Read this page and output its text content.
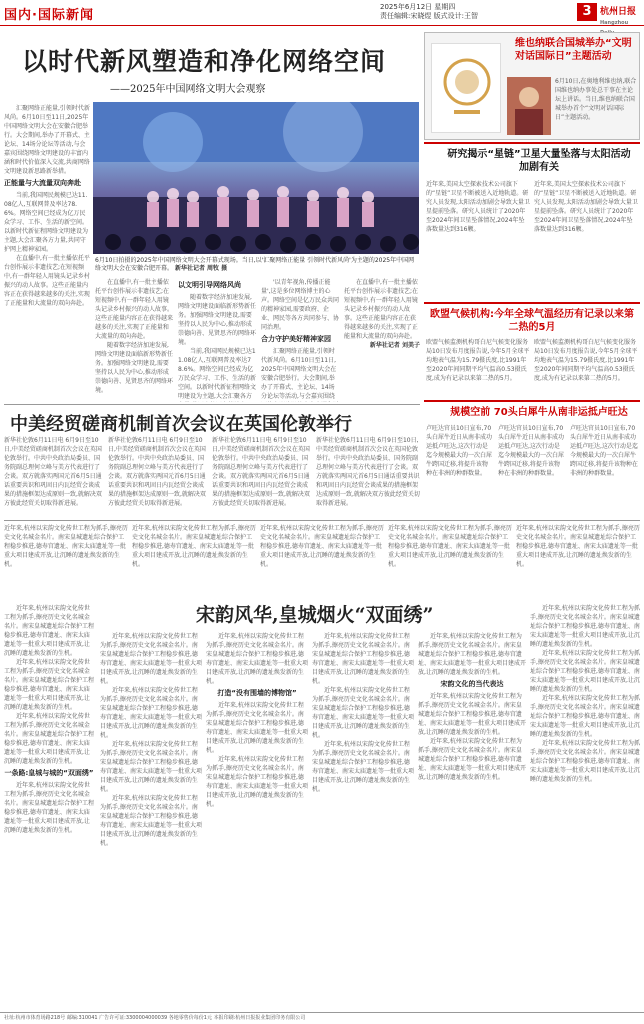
国内·国际新闻
2025年6月12日 星期四
责任编辑:宋晓煜 版式设计:王智	3 杭州日报
Hangzhou
以时代新风塑造和净化网络空间
——2025年中国网络文明大会观察

汇聚网络正能量,引领时代新风尚。6月10日至11日,2025年中国网络文明大会在安徽合肥举行。大会期间,举办了开幕式、主论坛、14场分论坛等活动,与会嘉宾围绕网络文明建设的丰富内涵和时代价值深入交流,共商网络文明建设新思路新举措。

正能量与大流量双向奔赴

当前,我国网民规模已达11.08亿人,互联网普及率达78.6%。网络空间已经成为亿万民众学习、工作、生活的新空间。以新时代新征程网络文明建设为主题,大会汇聚各方力量,共同守护网上精神家园。

在直播中,有一批主播依托平台创作展示非遗技艺;在短视频中,有一群年轻人用镜头记录乡村振兴的动人故事。这些正能量内容正在获得越来越多的关注,实现了正能量和大流量的双向奔赴。

6月10日拍摄的2025年中国网络文明大会开幕式现场。当日,以'汇聚网络正能量 引领时代新风尚'为主题的2025年中国网络文明大会在安徽合肥开幕。 新华社记者 周牧 摄

在直播中,有一批主播依托平台创作展示非遗技艺;在短视频中,有一群年轻人用镜头记录乡村振兴的动人故事。这些正能量内容正在获得越来越多的关注,实现了正能量和大流量的双向奔赴。

随着数字经济加速发展,网络文明建设面临新形势新任务。加强网络文明建设,需要坚持以人民为中心,推动形成崇德向善、见贤思齐的网络环境。

以文明引导网络风尚

随着数字经济加速发展,网络文明建设面临新形势新任务。加强网络文明建设,需要坚持以人民为中心,推动形成崇德向善、见贤思齐的网络环境。

当前,我国网民规模已达11.08亿人,互联网普及率达78.6%。网络空间已经成为亿万民众学习、工作、生活的新空间。以新时代新征程网络文明建设为主题,大会汇聚各方

'以青年视角,传播正能量',这是多位网络博主的心声。网络空间是亿万民众共同的精神家园,需要政府、企业、网民等各方共同参与、协同治理。

合力守护美好精神家园

汇聚网络正能量,引领时代新风尚。6月10日至11日,2025年中国网络文明大会在安徽合肥举行。大会期间,举办了开幕式、主论坛、14场分论坛等活动,与会嘉宾围绕

在直播中,有一批主播依托平台创作展示非遗技艺;在短视频中,有一群年轻人用镜头记录乡村振兴的动人故事。这些正能量内容正在获得越来越多的关注,实现了正能量和大流量的双向奔赴。

新华社记者 刘美子

维也纳联合国城举办“文明对话国际日”主题活动
6月10日,在奥地利维也纳,联合国维也纳办事处总干事在主论坛上讲话。当日,维也纳联合国城举办首个“文明对话国际日”主题活动。
研究揭示“星链”卫星大量坠落与太阳活动加剧有关
近年来,美国太空探索技术公司旗下的“星链”卫星不断被送入近地轨道。研究人员发现,太阳活动加剧会导致大量卫星提前坠落。研究人员统计了2020年至2024年间卫星坠落情况,2024年坠落数量达到316颗。
近年来,美国太空探索技术公司旗下的“星链”卫星不断被送入近地轨道。研究人员发现,太阳活动加剧会导致大量卫星提前坠落。研究人员统计了2020年至2024年间卫星坠落情况,2024年坠落数量达到316颗。
欧盟气候机构:今年全球气温经历有记录以来第二热的5月
欧盟气候监测机构哥白尼气候变化服务局10日发布月度报告说,今年5月全球平均地表气温为15.79摄氏度,比1991年至2020年间同期平均气温高0.53摄氏度,成为有记录以来第二热的5月。
欧盟气候监测机构哥白尼气候变化服务局10日发布月度报告说,今年5月全球平均地表气温为15.79摄氏度,比1991年至2020年间同期平均气温高0.53摄氏度,成为有记录以来第二热的5月。
规模空前 70头白犀牛从南非运抵卢旺达
卢旺达官员10日宣布,70头白犀牛近日从南非成功运抵卢旺达,这次行动是迄今规模最大的一次白犀牛跨国迁移,将提升该物种在非洲的种群数量。
卢旺达官员10日宣布,70头白犀牛近日从南非成功运抵卢旺达,这次行动是迄今规模最大的一次白犀牛跨国迁移,将提升该物种在非洲的种群数量。
卢旺达官员10日宣布,70头白犀牛近日从南非成功运抵卢旺达,这次行动是迄今规模最大的一次白犀牛跨国迁移,将提升该物种在非洲的种群数量。
中美经贸磋商机制首次会议在英国伦敦举行
新华社伦敦6月11日电 6月9日至10日,中美经贸磋商机制首次会议在英国伦敦举行。中共中央政治局委员、国务院副总理何立峰与美方代表进行了会谈。双方就落实两国元首6月5日通话重要共识和巩固日内瓦经贸会谈成果的措施框架达成原则一致,就解决双方彼此经贸关切取得新进展。
新华社伦敦6月11日电 6月9日至10日,中美经贸磋商机制首次会议在英国伦敦举行。中共中央政治局委员、国务院副总理何立峰与美方代表进行了会谈。双方就落实两国元首6月5日通话重要共识和巩固日内瓦经贸会谈成果的措施框架达成原则一致,就解决双方彼此经贸关切取得新进展。
新华社伦敦6月11日电 6月9日至10日,中美经贸磋商机制首次会议在英国伦敦举行。中共中央政治局委员、国务院副总理何立峰与美方代表进行了会谈。双方就落实两国元首6月5日通话重要共识和巩固日内瓦经贸会谈成果的措施框架达成原则一致,就解决双方彼此经贸关切取得新进展。
新华社伦敦6月11日电 6月9日至10日,中美经贸磋商机制首次会议在英国伦敦举行。中共中央政治局委员、国务院副总理何立峰与美方代表进行了会谈。双方就落实两国元首6月5日通话重要共识和巩固日内瓦经贸会谈成果的措施框架达成原则一致,就解决双方彼此经贸关切取得新进展。
近年来,杭州以宋韵文化传世工程为抓手,擦亮历史文化名城金名片。南宋皇城遗址综合保护工程稳步推进,德寿宫遗址、南宋太庙遗址等一批重大项目建成开放,让沉睡的遗址焕发新的生机。
近年来,杭州以宋韵文化传世工程为抓手,擦亮历史文化名城金名片。南宋皇城遗址综合保护工程稳步推进,德寿宫遗址、南宋太庙遗址等一批重大项目建成开放,让沉睡的遗址焕发新的生机。
近年来,杭州以宋韵文化传世工程为抓手,擦亮历史文化名城金名片。南宋皇城遗址综合保护工程稳步推进,德寿宫遗址、南宋太庙遗址等一批重大项目建成开放,让沉睡的遗址焕发新的生机。
近年来,杭州以宋韵文化传世工程为抓手,擦亮历史文化名城金名片。南宋皇城遗址综合保护工程稳步推进,德寿宫遗址、南宋太庙遗址等一批重大项目建成开放,让沉睡的遗址焕发新的生机。
近年来,杭州以宋韵文化传世工程为抓手,擦亮历史文化名城金名片。南宋皇城遗址综合保护工程稳步推进,德寿宫遗址、南宋太庙遗址等一批重大项目建成开放,让沉睡的遗址焕发新的生机。
宋韵风华,皇城烟火“双面绣”

近年来,杭州以宋韵文化传世工程为抓手,擦亮历史文化名城金名片。南宋皇城遗址综合保护工程稳步推进,德寿宫遗址、南宋太庙遗址等一批重大项目建成开放,让沉睡的遗址焕发新的生机。

近年来,杭州以宋韵文化传世工程为抓手,擦亮历史文化名城金名片。南宋皇城遗址综合保护工程稳步推进,德寿宫遗址、南宋太庙遗址等一批重大项目建成开放,让沉睡的遗址焕发新的生机。

近年来,杭州以宋韵文化传世工程为抓手,擦亮历史文化名城金名片。南宋皇城遗址综合保护工程稳步推进,德寿宫遗址、南宋太庙遗址等一批重大项目建成开放,让沉睡的遗址焕发新的生机。

一条路:皇城与城的“双面绣”

近年来,杭州以宋韵文化传世工程为抓手,擦亮历史文化名城金名片。南宋皇城遗址综合保护工程稳步推进,德寿宫遗址、南宋太庙遗址等一批重大项目建成开放,让沉睡的遗址焕发新的生机。

近年来,杭州以宋韵文化传世工程为抓手,擦亮历史文化名城金名片。南宋皇城遗址综合保护工程稳步推进,德寿宫遗址、南宋太庙遗址等一批重大项目建成开放,让沉睡的遗址焕发新的生机。

近年来,杭州以宋韵文化传世工程为抓手,擦亮历史文化名城金名片。南宋皇城遗址综合保护工程稳步推进,德寿宫遗址、南宋太庙遗址等一批重大项目建成开放,让沉睡的遗址焕发新的生机。

近年来,杭州以宋韵文化传世工程为抓手,擦亮历史文化名城金名片。南宋皇城遗址综合保护工程稳步推进,德寿宫遗址、南宋太庙遗址等一批重大项目建成开放,让沉睡的遗址焕发新的生机。

近年来,杭州以宋韵文化传世工程为抓手,擦亮历史文化名城金名片。南宋皇城遗址综合保护工程稳步推进,德寿宫遗址、南宋太庙遗址等一批重大项目建成开放,让沉睡的遗址焕发新的生机。

近年来,杭州以宋韵文化传世工程为抓手,擦亮历史文化名城金名片。南宋皇城遗址综合保护工程稳步推进,德寿宫遗址、南宋太庙遗址等一批重大项目建成开放,让沉睡的遗址焕发新的生机。

打造“没有围墙的博物馆”

近年来,杭州以宋韵文化传世工程为抓手,擦亮历史文化名城金名片。南宋皇城遗址综合保护工程稳步推进,德寿宫遗址、南宋太庙遗址等一批重大项目建成开放,让沉睡的遗址焕发新的生机。

近年来,杭州以宋韵文化传世工程为抓手,擦亮历史文化名城金名片。南宋皇城遗址综合保护工程稳步推进,德寿宫遗址、南宋太庙遗址等一批重大项目建成开放,让沉睡的遗址焕发新的生机。

近年来,杭州以宋韵文化传世工程为抓手,擦亮历史文化名城金名片。南宋皇城遗址综合保护工程稳步推进,德寿宫遗址、南宋太庙遗址等一批重大项目建成开放,让沉睡的遗址焕发新的生机。

近年来,杭州以宋韵文化传世工程为抓手,擦亮历史文化名城金名片。南宋皇城遗址综合保护工程稳步推进,德寿宫遗址、南宋太庙遗址等一批重大项目建成开放,让沉睡的遗址焕发新的生机。

近年来,杭州以宋韵文化传世工程为抓手,擦亮历史文化名城金名片。南宋皇城遗址综合保护工程稳步推进,德寿宫遗址、南宋太庙遗址等一批重大项目建成开放,让沉睡的遗址焕发新的生机。

近年来,杭州以宋韵文化传世工程为抓手,擦亮历史文化名城金名片。南宋皇城遗址综合保护工程稳步推进,德寿宫遗址、南宋太庙遗址等一批重大项目建成开放,让沉睡的遗址焕发新的生机。

宋韵文化的当代表达

近年来,杭州以宋韵文化传世工程为抓手,擦亮历史文化名城金名片。南宋皇城遗址综合保护工程稳步推进,德寿宫遗址、南宋太庙遗址等一批重大项目建成开放,让沉睡的遗址焕发新的生机。

近年来,杭州以宋韵文化传世工程为抓手,擦亮历史文化名城金名片。南宋皇城遗址综合保护工程稳步推进,德寿宫遗址、南宋太庙遗址等一批重大项目建成开放,让沉睡的遗址焕发新的生机。

近年来,杭州以宋韵文化传世工程为抓手,擦亮历史文化名城金名片。南宋皇城遗址综合保护工程稳步推进,德寿宫遗址、南宋太庙遗址等一批重大项目建成开放,让沉睡的遗址焕发新的生机。

近年来,杭州以宋韵文化传世工程为抓手,擦亮历史文化名城金名片。南宋皇城遗址综合保护工程稳步推进,德寿宫遗址、南宋太庙遗址等一批重大项目建成开放,让沉睡的遗址焕发新的生机。

近年来,杭州以宋韵文化传世工程为抓手,擦亮历史文化名城金名片。南宋皇城遗址综合保护工程稳步推进,德寿宫遗址、南宋太庙遗址等一批重大项目建成开放,让沉睡的遗址焕发新的生机。

近年来,杭州以宋韵文化传世工程为抓手,擦亮历史文化名城金名片。南宋皇城遗址综合保护工程稳步推进,德寿宫遗址、南宋太庙遗址等一批重大项目建成开放,让沉睡的遗址焕发新的生机。

社址:杭州市体育场路218号 邮编:310041 广告许可证:3300004000039 各地零售价每份1元 本报印刷:杭州日报报业集团印务有限公司
